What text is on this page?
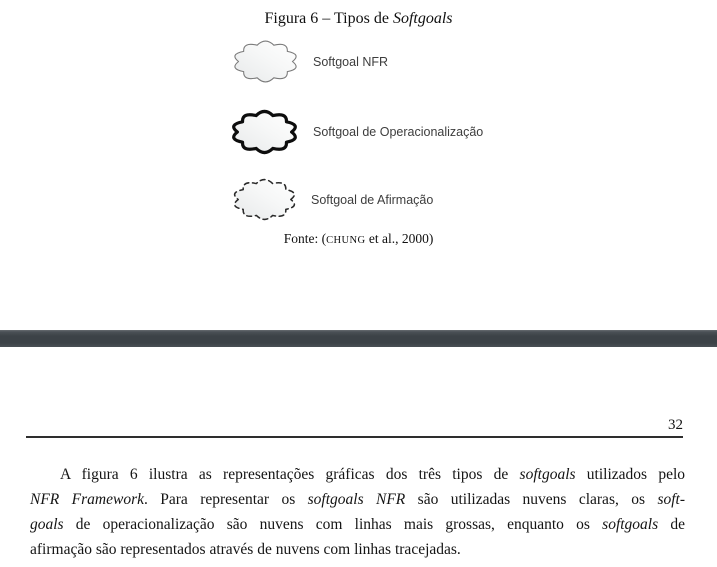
Figura 6 – Tipos de Softgoals
Softgoal NFR
Softgoal de Operacionalização
Softgoal de Afirmação
Fonte: (CHUNG et al., 2000)
32
A figura 6 ilustra as representações gráficas dos três tipos de softgoals utilizados pelo
NFR Framework. Para representar os softgoals NFR são utilizadas nuvens claras, os soft-
goals de operacionalização são nuvens com linhas mais grossas, enquanto os softgoals de
afirmação são representados através de nuvens com linhas tracejadas.
